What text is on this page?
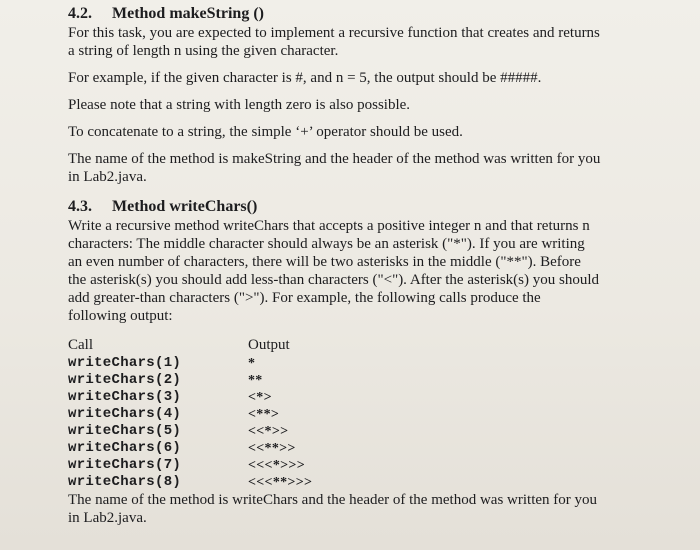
4.2. Method makeString ()

For this task, you are expected to implement a recursive function that creates and returns

a string of length n using the given character.

For example, if the given character is #, and n = 5, the output should be #####.

Please note that a string with length zero is also possible.

To concatenate to a string, the simple ‘+’ operator should be used.

The name of the method is makeString and the header of the method was written for you

in Lab2.java.

4.3. Method writeChars()

Write a recursive method writeChars that accepts a positive integer n and that returns n

characters: The middle character should always be an asterisk ("*"). If you are writing

an even number of characters, there will be two asterisks in the middle ("**"). Before

the asterisk(s) you should add less-than characters ("<"). After the asterisk(s) you should

add greater-than characters (">"). For example, the following calls produce the

following output:

Call	Output
writeChars(1)	*
writeChars(2)	**
writeChars(3)	<*>
writeChars(4)	<**>
writeChars(5)	<<*>>
writeChars(6)	<<**>>
writeChars(7)	<<<*>>>
writeChars(8)	<<<**>>>

The name of the method is writeChars and the header of the method was written for you

in Lab2.java.
